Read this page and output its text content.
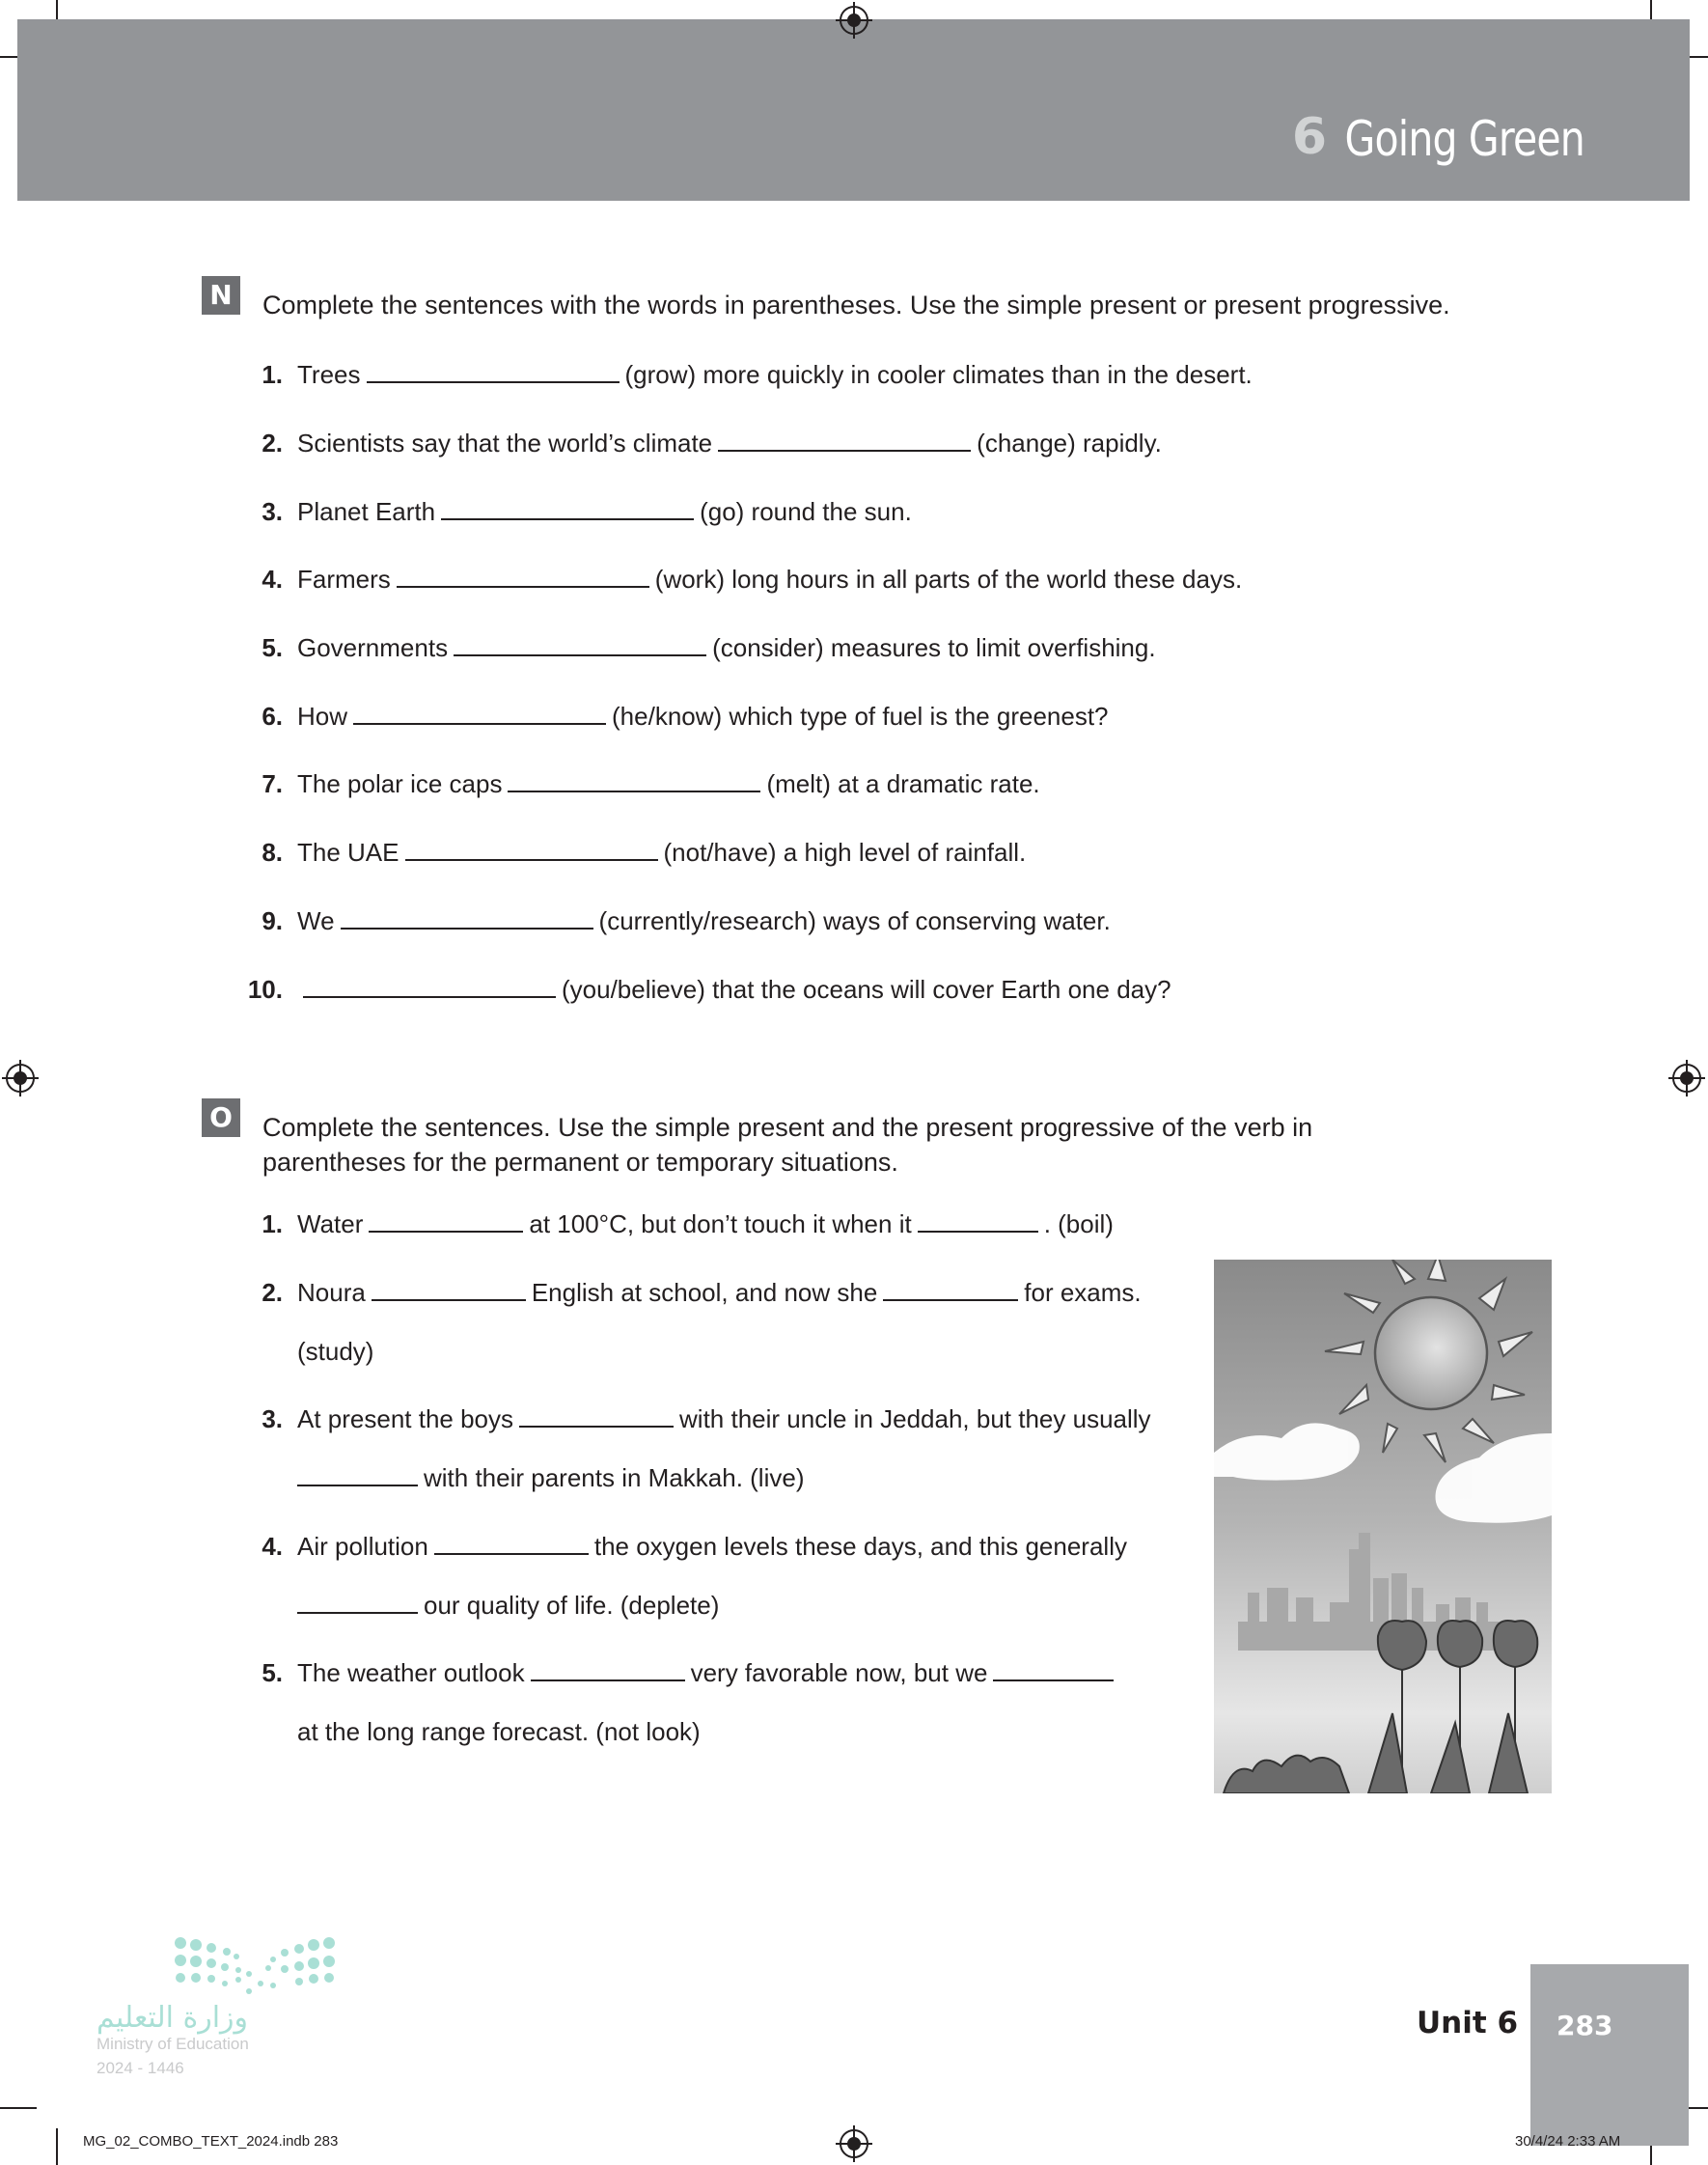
6 Going Green
N	Complete the sentences with the words in parentheses. Use the simple present or present progressive.
1. Trees	(grow) more quickly in cooler climates than in the desert.
2. Scientists say that the world’s climate	(change) rapidly.
3. Planet Earth	(go) round the sun.
4. Farmers	(work) long hours in all parts of the world these days.
5. Governments	(consider) measures to limit overfishing.
6. How	(he/know) which type of fuel is the greenest?
7. The polar ice caps	(melt) at a dramatic rate.
8. The UAE	(not/have) a high level of rainfall.
9. We	(currently/research) ways of conserving water.
10.	(you/believe) that the oceans will cover Earth one day?
O Complete the sentences. Use the simple present and the present progressive of the verb in
parentheses for the permanent or temporary situations.
1. Water	at 100°C, but don’t touch it when it	. (boil)
2. Noura	English at school, and now she	for exams.
(study)
3. At present the boys	with their uncle in Jeddah, but they usually
with their parents in Makkah. (live)
4. Air pollution	the oxygen levels these days, and this generally
our quality of life. (deplete)
5. The weather outlook	very favorable now, but we
at the long range forecast. (not look)
وزارة التعليم
Ministry of Education
2024 - 1446
Unit 6 283
MG_02_COMBO_TEXT_2024.indb 283	30/4/24 2:33 AM
